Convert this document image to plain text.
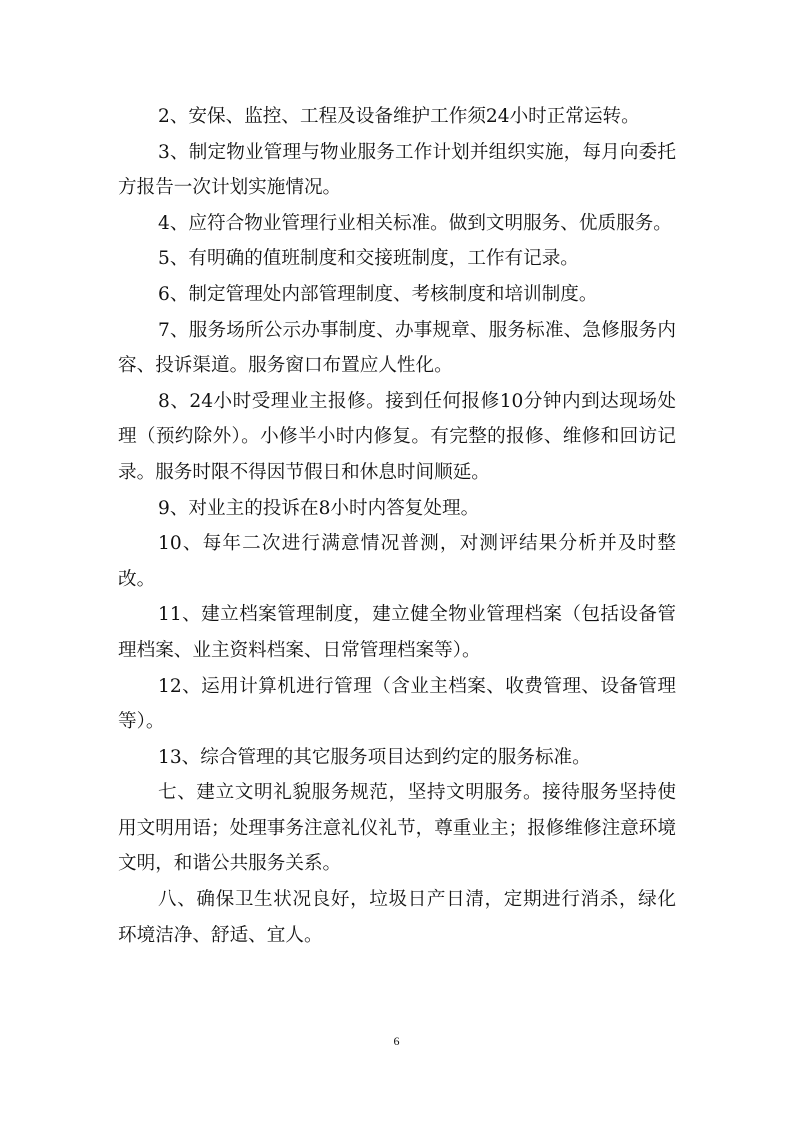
2、安保、监控、工程及设备维护工作须24小时正常运转。

3、制定物业管理与物业服务工作计划并组织实施，每月向委托方报告一次计划实施情况。

4、应符合物业管理行业相关标准。做到文明服务、优质服务。

5、有明确的值班制度和交接班制度，工作有记录。

6、制定管理处内部管理制度、考核制度和培训制度。

7、服务场所公示办事制度、办事规章、服务标准、急修服务内容、投诉渠道。服务窗口布置应人性化。

8、24小时受理业主报修。接到任何报修10分钟内到达现场处理（预约除外）。小修半小时内修复。有完整的报修、维修和回访记录。服务时限不得因节假日和休息时间顺延。

9、对业主的投诉在8小时内答复处理。

10、每年二次进行满意情况普测，对测评结果分析并及时整改。

11、建立档案管理制度，建立健全物业管理档案（包括设备管理档案、业主资料档案、日常管理档案等）。

12、运用计算机进行管理（含业主档案、收费管理、设备管理等）。

13、综合管理的其它服务项目达到约定的服务标准。

七、建立文明礼貌服务规范，坚持文明服务。接待服务坚持使用文明用语；处理事务注意礼仪礼节，尊重业主；报修维修注意环境文明，和谐公共服务关系。

八、确保卫生状况良好，垃圾日产日清，定期进行消杀，绿化环境洁净、舒适、宜人。

6
